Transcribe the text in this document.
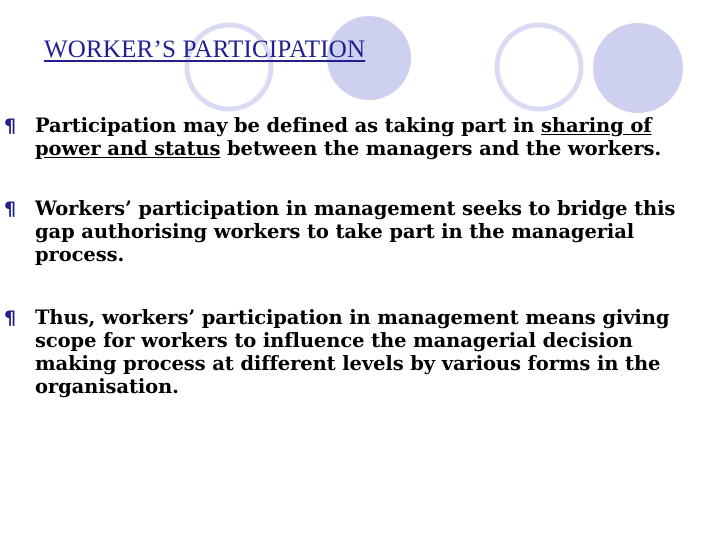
WORKER’S PARTICIPATION
¶ Participation may be defined as taking part in sharing of power and status between the managers and the workers.
¶ Workers’ participation in management seeks to bridge this gap authorising workers to take part in the managerial process.
¶ Thus, workers’ participation in management means giving scope for workers to influence the managerial decision making process at different levels by various forms in the organisation.
